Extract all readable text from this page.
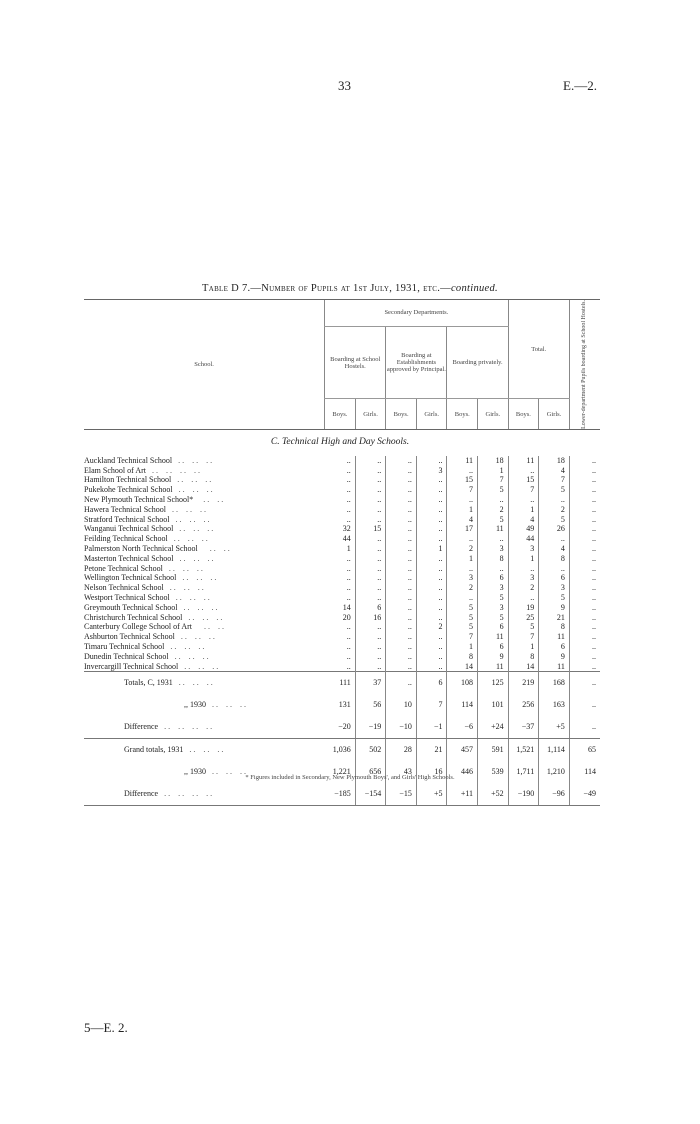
33	E.—2.
Table D 7.—Number of Pupils at 1st July, 1931, etc.—continued.
School.	Secondary Departments.						Total.		Lower-department Pupils boarding at School Hostels.

	Boarding at School Hostels.		Boarding at Establishments approved by Principal.		Boarding privately.				
	Boys.	Girls.	Boys.	Girls.	Boys.	Girls.	Boys.	Girls.	
C. Technical High and Day Schools.									
Auckland Technical School . .    . .    . .	..	..	..	..	11	18	11	18	..
Elam School of Art . .    . .    . .    . .	..	..	..	3	..	1	..	4	..
Hamilton Technical School . .    . .    . .	..	..	..	..	15	7	15	7	..
Pukekohe Technical School . .    . .    . .	..	..	..	..	7	5	7	5	..
New Plymouth Technical School*  . .    . .	..	..	..	..	..	..	..	..	..
Hawera Technical School . .    . .    . .	..	..	..	..	1	2	1	2	..
Stratford Technical School . .    . .    . .	..	..	..	..	4	5	4	5	..
Wanganui Technical School . .    . .    . .	32	15	..	..	17	11	49	26	..
Feilding Technical School . .    . .    . .	44	..	..	..	..	..	44	..	..
Palmerston North Technical School   . .    . .	1	..	..	1	2	3	3	4	..
Masterton Technical School . .    . .    . .	..	..	..	..	1	8	1	8	..
Petone Technical School . .    . .    . .	..	..	..	..	..	..	..	..	..
Wellington Technical School . .    . .    . .	..	..	..	..	3	6	3	6	..
Nelson Technical School . .    . .    . .	..	..	..	..	2	3	2	3	..
Westport Technical School . .    . .    . .	..	..	..	..	..	5	..	5	..
Greymouth Technical School . .    . .    . .	14	6	..	..	5	3	19	9	..
Christchurch Technical School . .    . .    . .	20	16	..	..	5	5	25	21	..
Canterbury College School of Art   . .    . .	..	..	..	2	5	6	5	8	..
Ashburton Technical School . .    . .    . .	..	..	..	..	7	11	7	11	..
Timaru Technical School . .    . .    . .	..	..	..	..	1	6	1	6	..
Dunedin Technical School . .    . .    . .	..	..	..	..	8	9	8	9	..
Invercargill Technical School . .    . .    . .	..	..	..	..	14	11	14	11	..
Totals, C, 1931 . .    . .    . .	111	37	..	6	108	125	219	168	..
,, 1930 . .    . .    . .	131	56	10	7	114	101	256	163	..
Difference . .    . .    . .    . .	−20	−19	−10	−1	−6	+24	−37	+5	..
Grand totals, 1931 . .    . .    . .	1,036	502	28	21	457	591	1,521	1,114	65
,, 1930 . .    . .    . .	1,221	656	43	16	446	539	1,711	1,210	114
Difference . .    . .    . .    . .	−185	−154	−15	+5	+11	+52	−190	−96	−49
* Figures included in Secondary, New Plymouth Boys', and Girls' High Schools.
5—E. 2.
